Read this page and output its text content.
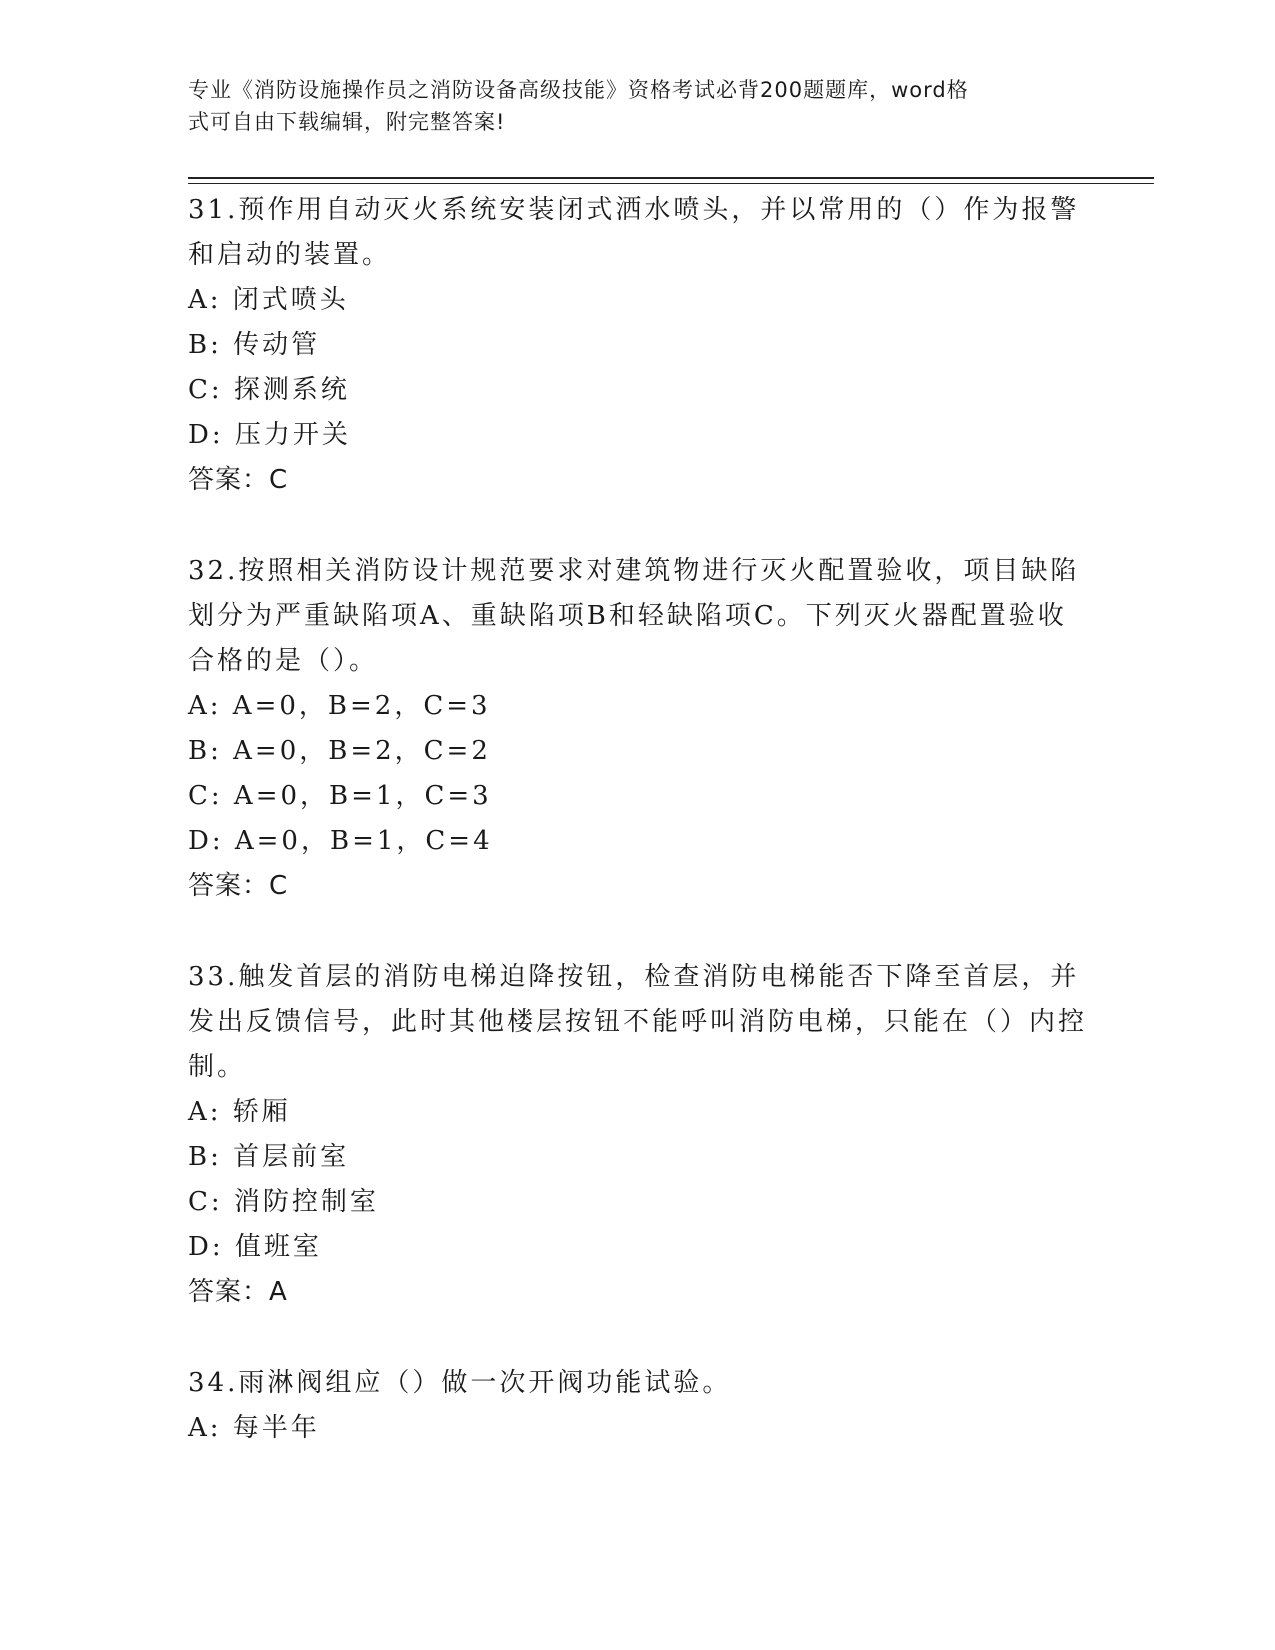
专业《消防设施操作员之消防设备高级技能》资格考试必背200题题库，word格
式可自由下载编辑，附完整答案!
31.预作用自动灭火系统安装闭式洒水喷头，并以常用的（）作为报警和启动的装置。
A: 闭式喷头
B: 传动管
C: 探测系统
D: 压力开关
答案：C
32.按照相关消防设计规范要求对建筑物进行灭火配置验收，项目缺陷划分为严重缺陷项A、重缺陷项B和轻缺陷项C。下列灭火器配置验收合格的是（）。
A: A=0，B=2，C=3
B: A=0，B=2，C=2
C: A=0，B=1，C=3
D: A=0，B=1，C=4
答案：C
33.触发首层的消防电梯迫降按钮，检查消防电梯能否下降至首层，并发出反馈信号，此时其他楼层按钮不能呼叫消防电梯，只能在（）内控制。
A: 轿厢
B: 首层前室
C: 消防控制室
D: 值班室
答案：A
34.雨淋阀组应（）做一次开阀功能试验。
A: 每半年
